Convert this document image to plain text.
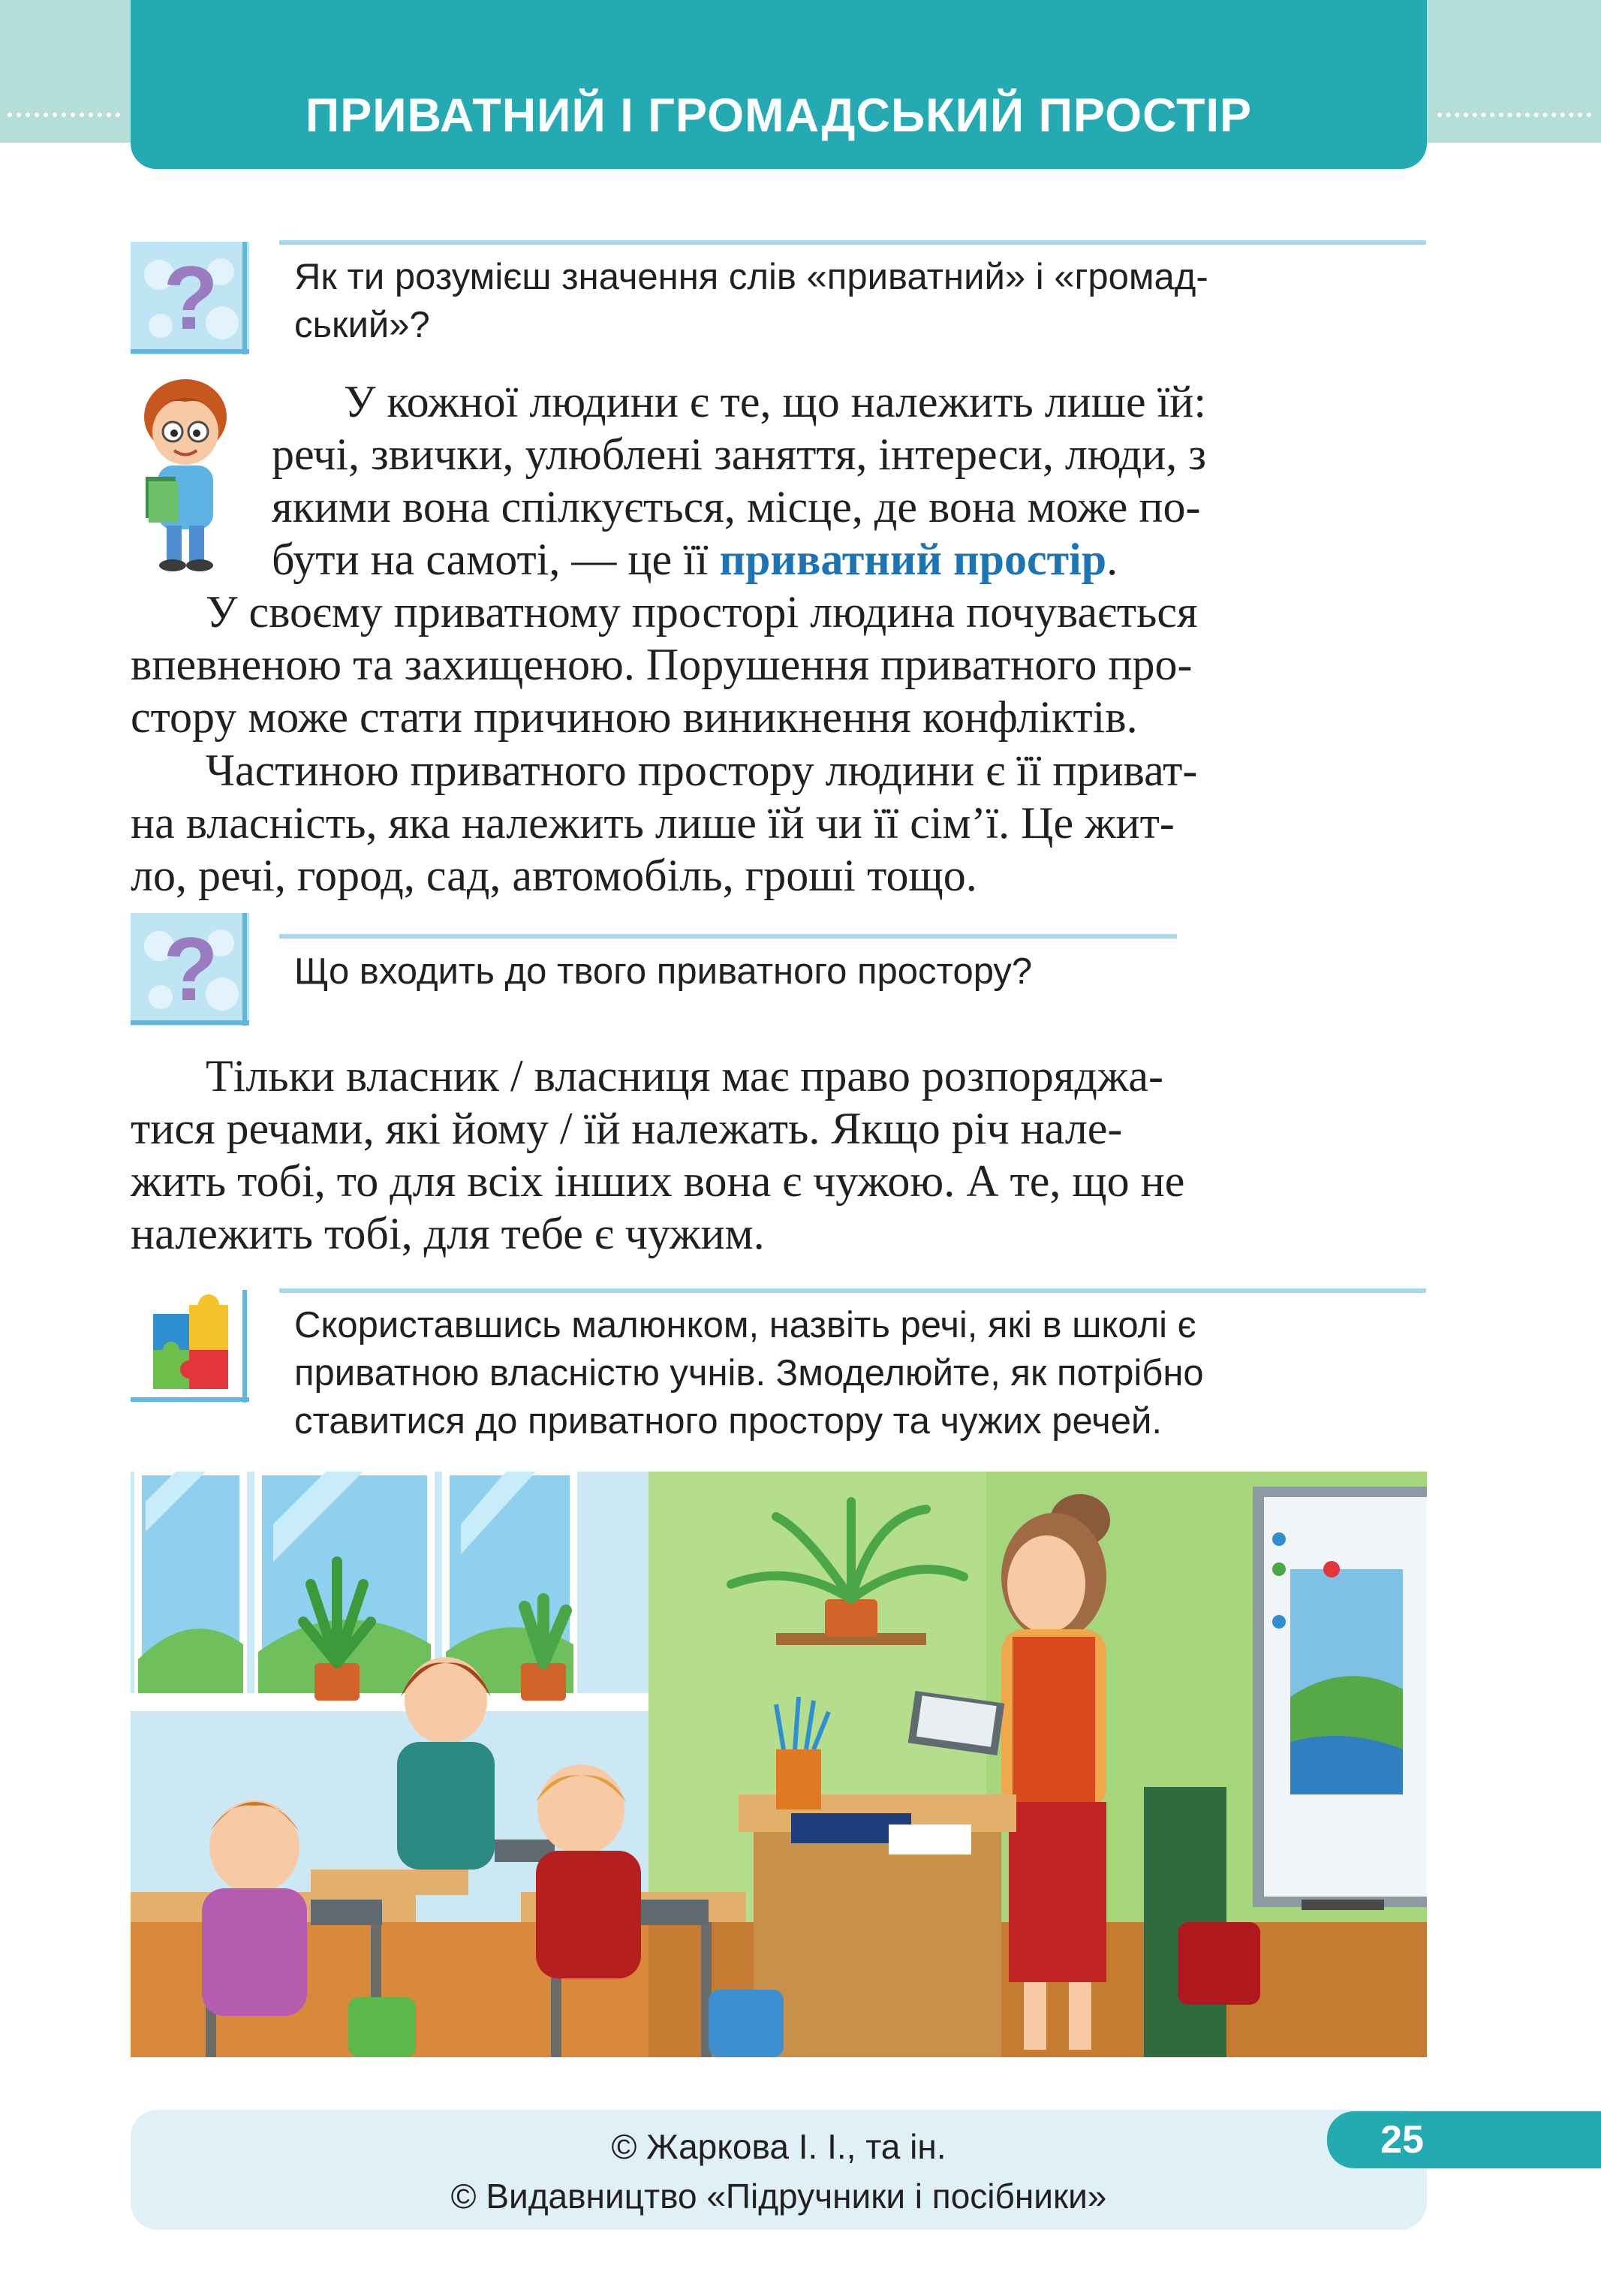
ПРИВАТНИЙ І ГРОМАДСЬКИЙ ПРОСТІР
? Як ти розумієш значення слів «приватний» і «громад-
ський»?
У кожної людини є те, що належить лише їй:
речі, звички, улюблені заняття, інтереси, люди, з
якими вона спілкується, місце, де вона може по-
бути на самоті, — це її приватний простір.
У своєму приватному просторі людина почувається
впевненою та захищеною. Порушення приватного про-
стору може стати причиною виникнення конфліктів.
Частиною приватного простору людини є її приват-
на власність, яка належить лише їй чи її сім’ї. Це жит-
ло, речі, город, сад, автомобіль, гроші тощо.
? Що входить до твого приватного простору?
Тільки власник / власниця має право розпоряджа-
тися речами, які йому / їй належать. Якщо річ нале-
жить тобі, то для всіх інших вона є чужою. А те, що не
належить тобі, для тебе є чужим.
Скориставшись малюнком, назвіть речі, які в школі є
приватною власністю учнів. Змоделюйте, як потрібно
ставитися до приватного простору та чужих речей.
25
© Жаркова І. І., та ін.
© Видавництво «Підручники і посібники»
